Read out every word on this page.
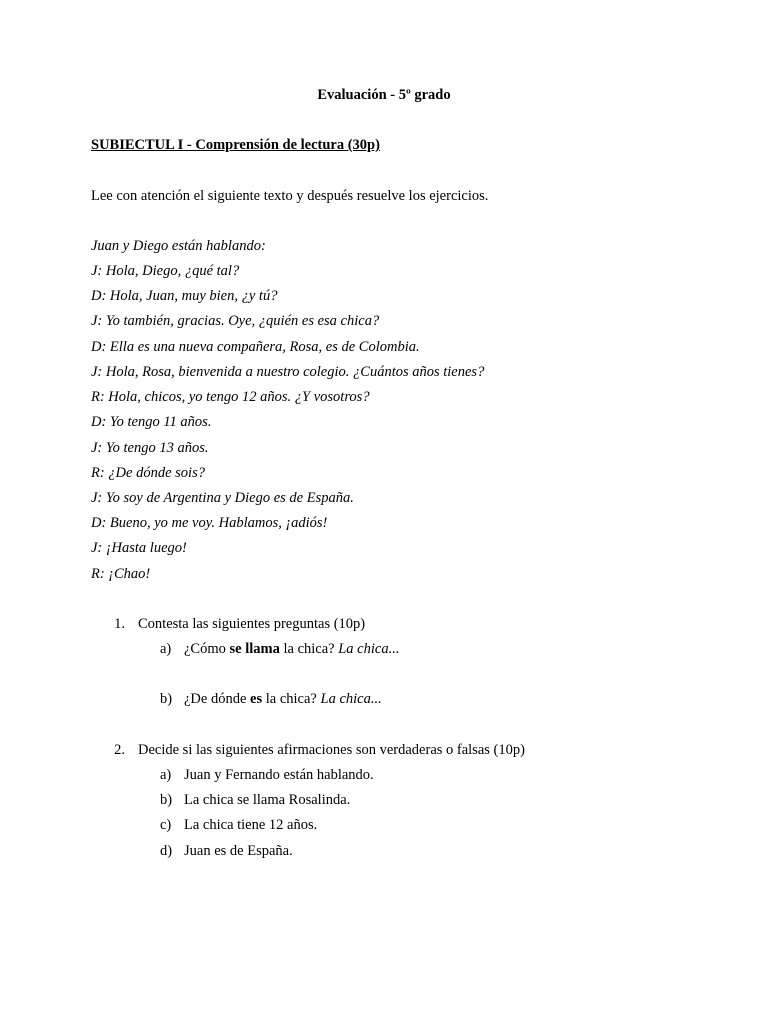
Evaluación - 5º grado
SUBIECTUL I - Comprensión de lectura (30p)
Lee con atención el siguiente texto y después resuelve los ejercicios.
Juan y Diego están hablando:
J: Hola, Diego, ¿qué tal?
D: Hola, Juan, muy bien, ¿y tú?
J: Yo también, gracias. Oye, ¿quién es esa chica?
D: Ella es una nueva compañera, Rosa, es de Colombia.
J: Hola, Rosa, bienvenida a nuestro colegio. ¿Cuántos años tienes?
R: Hola, chicos, yo tengo 12 años. ¿Y vosotros?
D: Yo tengo 11 años.
J: Yo tengo 13 años.
R: ¿De dónde sois?
J: Yo soy de Argentina y Diego es de España.
D: Bueno, yo me voy. Hablamos, ¡adiós!
J: ¡Hasta luego!
R: ¡Chao!
1. Contesta las siguientes preguntas (10p)
a) ¿Cómo se llama la chica? La chica...
b) ¿De dónde es la chica? La chica...
2. Decide si las siguientes afirmaciones son verdaderas o falsas (10p)
a) Juan y Fernando están hablando.
b) La chica se llama Rosalinda.
c) La chica tiene 12 años.
d) Juan es de España.
